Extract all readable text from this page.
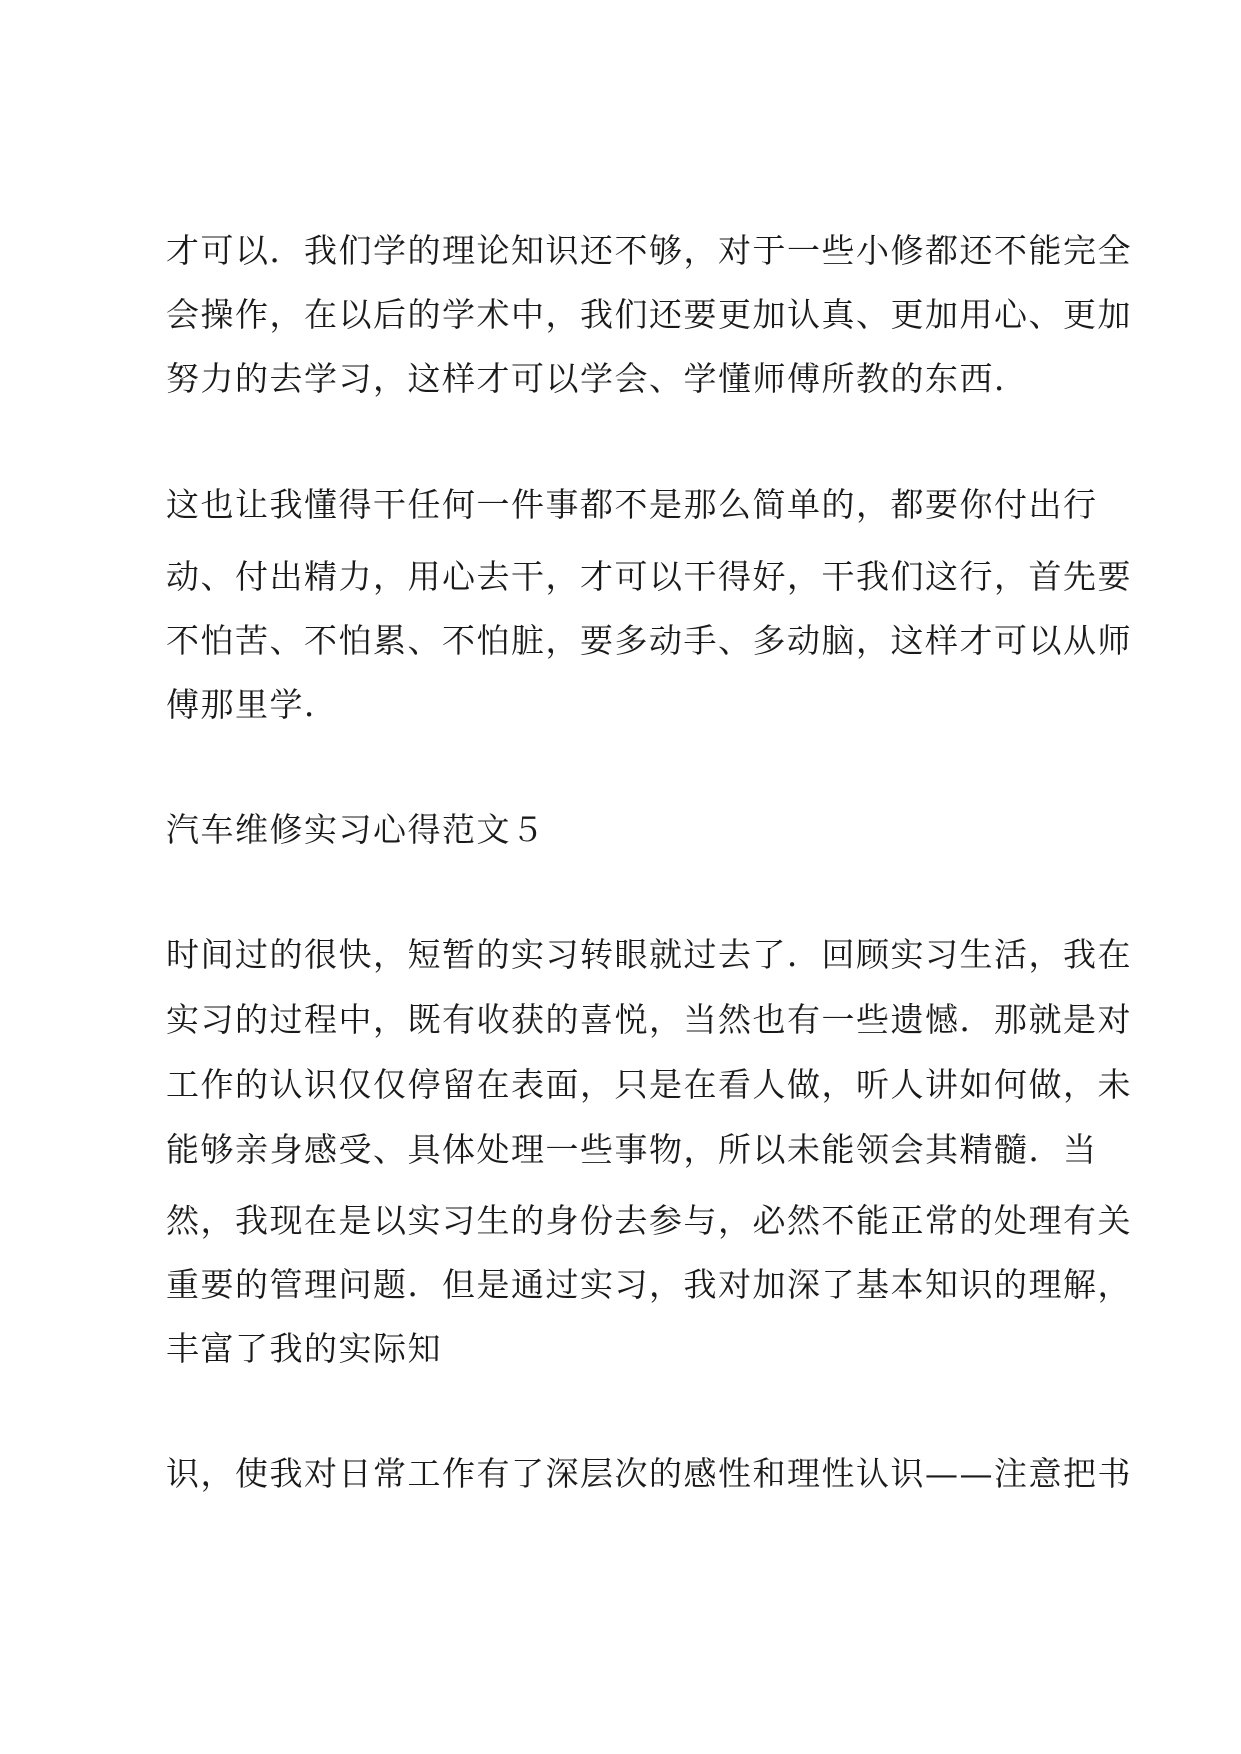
才可以．我们学的理论知识还不够，对于一些小修都还不能完全
会操作，在以后的学术中，我们还要更加认真、更加用心、更加
努力的去学习，这样才可以学会、学懂师傅所教的东西．
这也让我懂得干任何一件事都不是那么简单的，都要你付出行
动、付出精力，用心去干，才可以干得好，干我们这行，首先要
不怕苦、不怕累、不怕脏，要多动手、多动脑，这样才可以从师
傅那里学．
汽车维修实习心得范文５
时间过的很快，短暂的实习转眼就过去了．回顾实习生活，我在
实习的过程中，既有收获的喜悦，当然也有一些遗憾．那就是对
工作的认识仅仅停留在表面，只是在看人做，听人讲如何做，未
能够亲身感受、具体处理一些事物，所以未能领会其精髓．当
然，我现在是以实习生的身份去参与，必然不能正常的处理有关
重要的管理问题．但是通过实习，我对加深了基本知识的理解，
丰富了我的实际知
识，使我对日常工作有了深层次的感性和理性认识——注意把书
